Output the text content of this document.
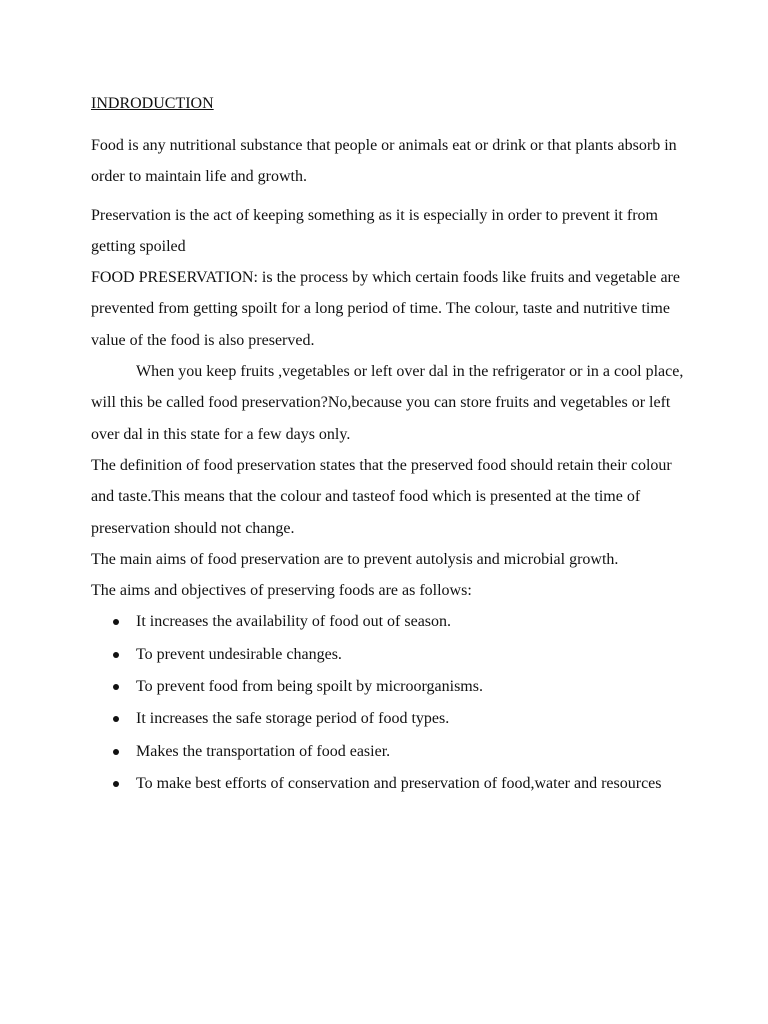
INDRODUCTION

Food is any nutritional substance that people or animals eat or drink or that plants absorb in order to maintain life and growth.

Preservation is the act of keeping something as it is especially in order to prevent it from getting spoiled

FOOD PRESERVATION: is the process by which certain foods like fruits and vegetable are prevented from getting spoilt for a long period of time. The colour, taste and nutritive time value of the food is also preserved.

When you keep fruits ,vegetables or left over dal in the refrigerator or in a cool place, will this be called food preservation?No,because you can store fruits and vegetables or left over dal in this state for a few days only.

The definition of food preservation states that the preserved food should retain their colour and taste.This means that the colour and tasteof food which is presented at the time of preservation should not change.

The main aims of food preservation are to prevent autolysis and microbial growth.

The aims and objectives of preserving foods are as follows:

It increases the availability of food out of season.
To prevent undesirable changes.
To prevent food from being spoilt by microorganisms.
It increases the safe storage period of food types.
Makes the transportation of food easier.
To make best efforts of conservation and preservation of food,water and resources
